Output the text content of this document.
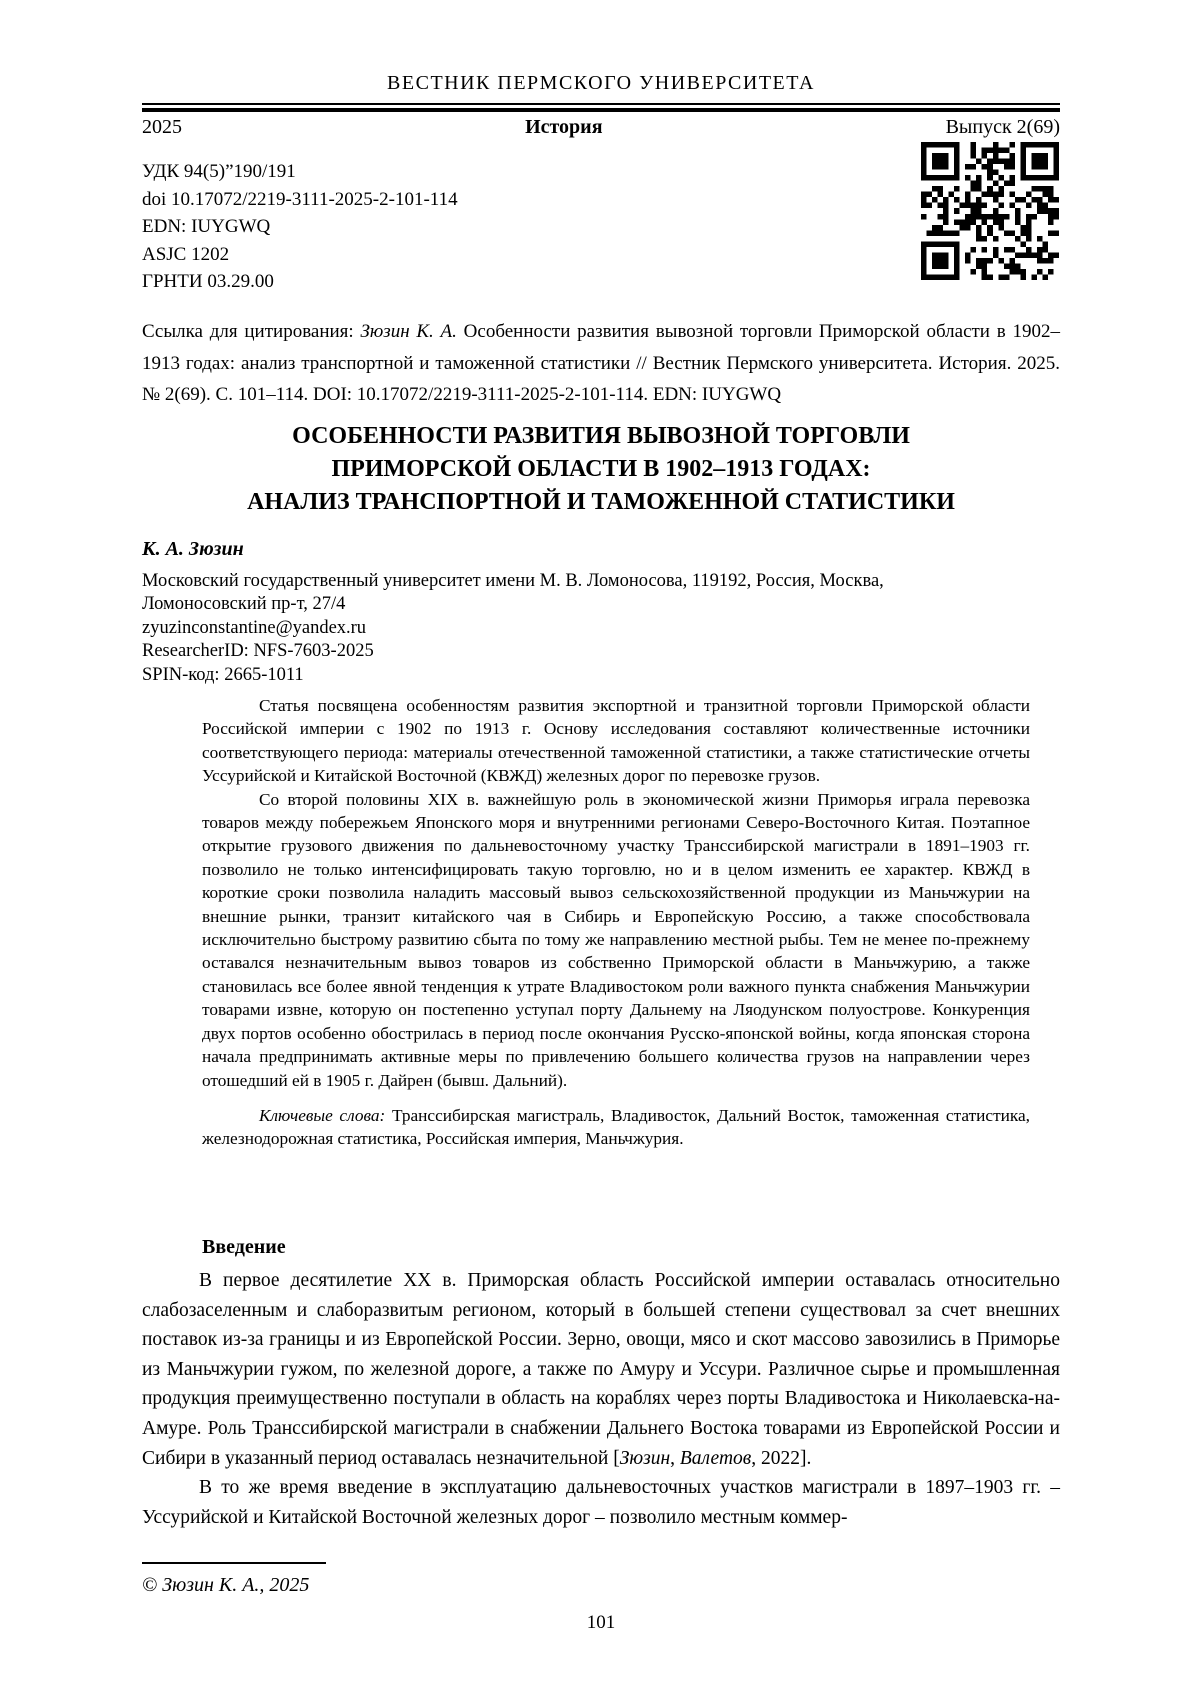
ВЕСТНИК ПЕРМСКОГО УНИВЕРСИТЕТА
2025	История	Выпуск 2(69)
УДК 94(5)”190/191
doi 10.17072/2219-3111-2025-2-101-114
EDN: IUYGWQ
ASJC 1202
ГРНТИ 03.29.00

Ссылка для цитирования: Зюзин К. А. Особенности развития вывозной торговли Приморской области в 1902–1913 годах: анализ транспортной и таможенной статистики // Вестник Пермского университета. История. 2025. № 2(69). С. 101–114. DOI: 10.17072/2219-3111-2025-2-101-114. EDN: IUYGWQ

ОСОБЕННОСТИ РАЗВИТИЯ ВЫВОЗНОЙ ТОРГОВЛИ
ПРИМОРСКОЙ ОБЛАСТИ В 1902–1913 ГОДАХ:
АНАЛИЗ ТРАНСПОРТНОЙ И ТАМОЖЕННОЙ СТАТИСТИКИ
К. А. Зюзин
Московский государственный университет имени М. В. Ломоносова, 119192, Россия, Москва,
Ломоносовский пр-т, 27/4
zyuzinconstantine@yandex.ru
ResearcherID: NFS-7603-2025
SPIN-код: 2665-1011

Статья посвящена особенностям развития экспортной и транзитной торговли Приморской области Российской империи с 1902 по 1913 г. Основу исследования составляют количественные источники соответствующего периода: материалы отечественной таможенной статистики, а также статистические отчеты Уссурийской и Китайской Восточной (КВЖД) железных дорог по перевозке грузов.

Со второй половины XIX в. важнейшую роль в экономической жизни Приморья играла перевозка товаров между побережьем Японского моря и внутренними регионами Северо-Восточного Китая. Поэтапное открытие грузового движения по дальневосточному участку Транссибирской магистрали в 1891–1903 гг. позволило не только интенсифицировать такую торговлю, но и в целом изменить ее характер. КВЖД в короткие сроки позволила наладить массовый вывоз сельскохозяйственной продукции из Маньчжурии на внешние рынки, транзит китайского чая в Сибирь и Европейскую Россию, а также способствовала исключительно быстрому развитию сбыта по тому же направлению местной рыбы. Тем не менее по-прежнему оставался незначительным вывоз товаров из собственно Приморской области в Маньчжурию, а также становилась все более явной тенденция к утрате Владивостоком роли важного пункта снабжения Маньчжурии товарами извне, которую он постепенно уступал порту Дальнему на Ляодунском полуострове. Конкуренция двух портов особенно обострилась в период после окончания Русско-японской войны, когда японская сторона начала предпринимать активные меры по привлечению большего количества грузов на направлении через отошедший ей в 1905 г. Дайрен (бывш. Дальний).

Ключевые слова: Транссибирская магистраль, Владивосток, Дальний Восток, таможенная статистика, железнодорожная статистика, Российская империя, Маньчжурия.

Введение

В первое десятилетие XX в. Приморская область Российской империи оставалась относительно слабозаселенным и слаборазвитым регионом, который в большей степени существовал за счет внешних поставок из-за границы и из Европейской России. Зерно, овощи, мясо и скот массово завозились в Приморье из Маньчжурии гужом, по железной дороге, а также по Амуру и Уссури. Различное сырье и промышленная продукция преимущественно поступали в область на кораблях через порты Владивостока и Николаевска-на-Амуре. Роль Транссибирской магистрали в снабжении Дальнего Востока товарами из Европейской России и Сибири в указанный период оставалась незначительной [Зюзин, Валетов, 2022].

В то же время введение в эксплуатацию дальневосточных участков магистрали в 1897–1903 гг. – Уссурийской и Китайской Восточной железных дорог – позволило местным коммер-

© Зюзин К. А., 2025
101
